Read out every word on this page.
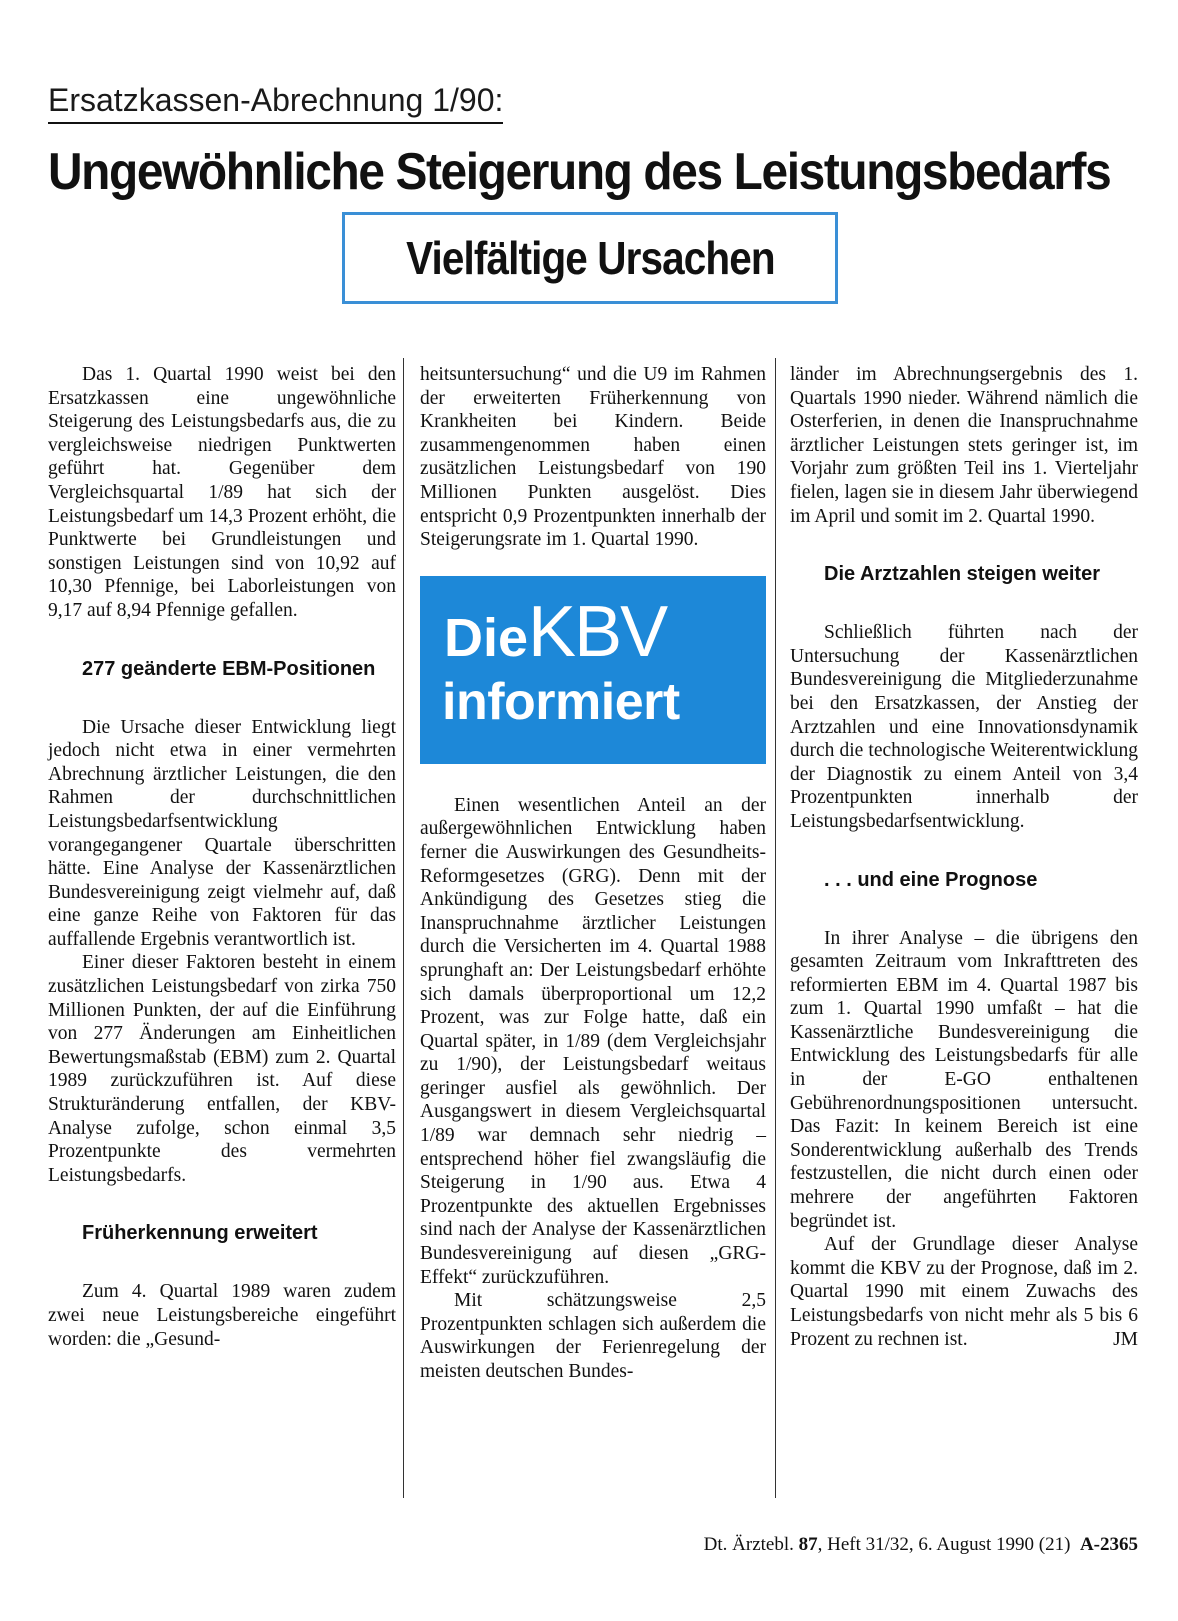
Ersatzkassen-Abrechnung 1/90:
Ungewöhnliche Steigerung des Leistungsbedarfs
Vielfältige Ursachen

Das 1. Quartal 1990 weist bei den Ersatzkassen eine ungewöhnliche Steigerung des Leistungsbedarfs aus, die zu vergleichsweise niedrigen Punktwerten geführt hat. Gegenüber dem Vergleichsquartal 1/89 hat sich der Leistungsbedarf um 14,3 Prozent erhöht, die Punktwerte bei Grundleistungen und sonstigen Leistungen sind von 10,92 auf 10,30 Pfennige, bei Laborleistungen von 9,17 auf 8,94 Pfennige gefallen.

277 geänderte EBM-Positionen

Die Ursache dieser Entwicklung liegt jedoch nicht etwa in einer vermehrten Abrechnung ärztlicher Leistungen, die den Rahmen der durchschnittlichen Leistungsbedarfsentwicklung vorangegangener Quartale überschritten hätte. Eine Analyse der Kassenärztlichen Bundesvereinigung zeigt vielmehr auf, daß eine ganze Reihe von Faktoren für das auffallende Ergebnis verantwortlich ist.

Einer dieser Faktoren besteht in einem zusätzlichen Leistungsbedarf von zirka 750 Millionen Punkten, der auf die Einführung von 277 Änderungen am Einheitlichen Bewertungsmaßstab (EBM) zum 2. Quartal 1989 zurückzuführen ist. Auf diese Strukturänderung entfallen, der KBV-Analyse zufolge, schon einmal 3,5 Prozentpunkte des vermehrten Leistungsbedarfs.

Früherkennung erweitert

Zum 4. Quartal 1989 waren zudem zwei neue Leistungsbereiche eingeführt worden: die „Gesund-

heitsuntersuchung“ und die U9 im Rahmen der erweiterten Früherkennung von Krankheiten bei Kindern. Beide zusammengenommen haben einen zusätzlichen Leistungsbedarf von 190 Millionen Punkten ausgelöst. Dies entspricht 0,9 Prozentpunkten innerhalb der Steigerungsrate im 1. Quartal 1990.

DieKBV
informiert

Einen wesentlichen Anteil an der außergewöhnlichen Entwicklung haben ferner die Auswirkungen des Gesundheits-Reformgesetzes (GRG). Denn mit der Ankündigung des Gesetzes stieg die Inanspruchnahme ärztlicher Leistungen durch die Versicherten im 4. Quartal 1988 sprunghaft an: Der Leistungsbedarf erhöhte sich damals überproportional um 12,2 Prozent, was zur Folge hatte, daß ein Quartal später, in 1/89 (dem Vergleichsjahr zu 1/90), der Leistungsbedarf weitaus geringer ausfiel als gewöhnlich. Der Ausgangswert in diesem Vergleichsquartal 1/89 war demnach sehr niedrig – entsprechend höher fiel zwangsläufig die Steigerung in 1/90 aus. Etwa 4 Prozentpunkte des aktuellen Ergebnisses sind nach der Analyse der Kassenärztlichen Bundesvereinigung auf diesen „GRG-Effekt“ zurückzuführen.

Mit schätzungsweise 2,5 Prozentpunkten schlagen sich außerdem die Auswirkungen der Ferienregelung der meisten deutschen Bundes-

länder im Abrechnungsergebnis des 1. Quartals 1990 nieder. Während nämlich die Osterferien, in denen die Inanspruchnahme ärztlicher Leistungen stets geringer ist, im Vorjahr zum größten Teil ins 1. Vierteljahr fielen, lagen sie in diesem Jahr überwiegend im April und somit im 2. Quartal 1990.

Die Arztzahlen steigen weiter

Schließlich führten nach der Untersuchung der Kassenärztlichen Bundesvereinigung die Mitgliederzunahme bei den Ersatzkassen, der Anstieg der Arztzahlen und eine Innovationsdynamik durch die technologische Weiterentwicklung der Diagnostik zu einem Anteil von 3,4 Prozentpunkten innerhalb der Leistungsbedarfsentwicklung.

. . . und eine Prognose

In ihrer Analyse – die übrigens den gesamten Zeitraum vom Inkrafttreten des reformierten EBM im 4. Quartal 1987 bis zum 1. Quartal 1990 umfaßt – hat die Kassenärztliche Bundesvereinigung die Entwicklung des Leistungsbedarfs für alle in der E-GO enthaltenen Gebührenordnungspositionen untersucht. Das Fazit: In keinem Bereich ist eine Sonderentwicklung außerhalb des Trends festzustellen, die nicht durch einen oder mehrere der angeführten Faktoren begründet ist.

Auf der Grundlage dieser Analyse kommt die KBV zu der Prognose, daß im 2. Quartal 1990 mit einem Zuwachs des Leistungsbedarfs von nicht mehr als 5 bis 6 Prozent zu rechnen ist.	JM

Dt. Ärztebl. 87, Heft 31/32, 6. August 1990 (21) A-2365
